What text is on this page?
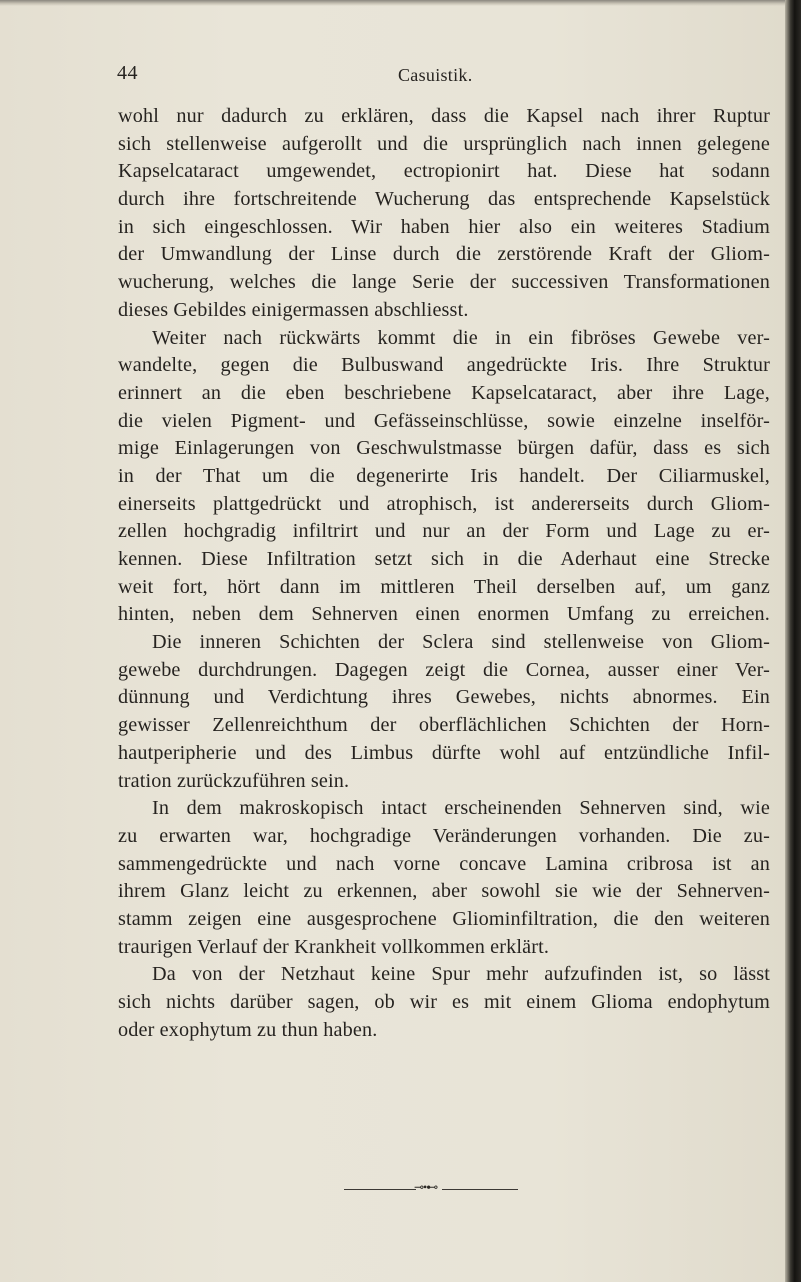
44	Casuistik.
wohl nur dadurch zu erklären, dass die Kapsel nach ihrer Ruptur
sich stellenweise aufgerollt und die ursprünglich nach innen gelegene
Kapselcataract umgewendet, ectropionirt hat. Diese hat sodann
durch ihre fortschreitende Wucherung das entsprechende Kapselstück
in sich eingeschlossen. Wir haben hier also ein weiteres Stadium
der Umwandlung der Linse durch die zerstörende Kraft der Gliom-
wucherung, welches die lange Serie der successiven Transformationen
dieses Gebildes einigermassen abschliesst.
Weiter nach rückwärts kommt die in ein fibröses Gewebe ver-
wandelte, gegen die Bulbuswand angedrückte Iris. Ihre Struktur
erinnert an die eben beschriebene Kapselcataract, aber ihre Lage,
die vielen Pigment- und Gefässeinschlüsse, sowie einzelne inselför-
mige Einlagerungen von Geschwulstmasse bürgen dafür, dass es sich
in der That um die degenerirte Iris handelt. Der Ciliarmuskel,
einerseits plattgedrückt und atrophisch, ist andererseits durch Gliom-
zellen hochgradig infiltrirt und nur an der Form und Lage zu er-
kennen. Diese Infiltration setzt sich in die Aderhaut eine Strecke
weit fort, hört dann im mittleren Theil derselben auf, um ganz
hinten, neben dem Sehnerven einen enormen Umfang zu erreichen.
Die inneren Schichten der Sclera sind stellenweise von Gliom-
gewebe durchdrungen. Dagegen zeigt die Cornea, ausser einer Ver-
dünnung und Verdichtung ihres Gewebes, nichts abnormes. Ein
gewisser Zellenreichthum der oberflächlichen Schichten der Horn-
hautperipherie und des Limbus dürfte wohl auf entzündliche Infil-
tration zurückzuführen sein.
In dem makroskopisch intact erscheinenden Sehnerven sind, wie
zu erwarten war, hochgradige Veränderungen vorhanden. Die zu-
sammengedrückte und nach vorne concave Lamina cribrosa ist an
ihrem Glanz leicht zu erkennen, aber sowohl sie wie der Sehnerven-
stamm zeigen eine ausgesprochene Gliominfiltration, die den weiteren
traurigen Verlauf der Krankheit vollkommen erklärt.
Da von der Netzhaut keine Spur mehr aufzufinden ist, so lässt
sich nichts darüber sagen, ob wir es mit einem Glioma endophytum
oder exophytum zu thun haben.
⊸•⊷
